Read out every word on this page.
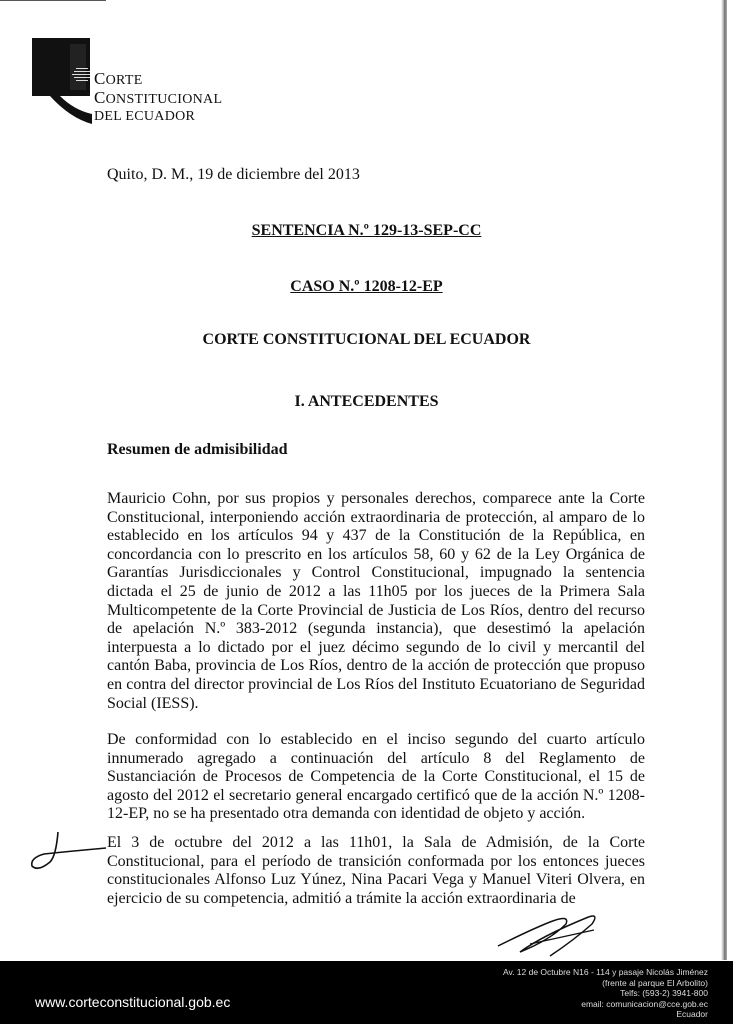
CORTE
CONSTITUCIONAL
DEL ECUADOR
Quito, D. M., 19 de diciembre del 2013
SENTENCIA N.º 129-13-SEP-CC
CASO N.º 1208-12-EP
CORTE CONSTITUCIONAL DEL ECUADOR
I. ANTECEDENTES
Resumen de admisibilidad

Mauricio Cohn, por sus propios y personales derechos, comparece ante la Corte Constitucional, interponiendo acción extraordinaria de protección, al amparo de lo establecido en los artículos 94 y 437 de la Constitución de la República, en concordancia con lo prescrito en los artículos 58, 60 y 62 de la Ley Orgánica de Garantías Jurisdiccionales y Control Constitucional, impugnado la sentencia dictada el 25 de junio de 2012 a las 11h05 por los jueces de la Primera Sala Multicompetente de la Corte Provincial de Justicia de Los Ríos, dentro del recurso de apelación N.º 383-2012 (segunda instancia), que desestimó la apelación interpuesta a lo dictado por el juez décimo segundo de lo civil y mercantil del cantón Baba, provincia de Los Ríos, dentro de la acción de protección que propuso en contra del director provincial de Los Ríos del Instituto Ecuatoriano de Seguridad Social (IESS).

De conformidad con lo establecido en el inciso segundo del cuarto artículo innumerado agregado a continuación del artículo 8 del Reglamento de Sustanciación de Procesos de Competencia de la Corte Constitucional, el 15 de agosto del 2012 el secretario general encargado certificó que de la acción N.º 1208-12-EP, no se ha presentado otra demanda con identidad de objeto y acción.

El 3 de octubre del 2012 a las 11h01, la Sala de Admisión, de la Corte Constitucional, para el período de transición conformada por los entonces jueces constitucionales Alfonso Luz Yúnez, Nina Pacari Vega y Manuel Viteri Olvera, en ejercicio de su competencia, admitió a trámite la acción extraordinaria de

www.corteconstitucional.gob.ec
Av. 12 de Octubre N16 - 114 y pasaje Nicolás Jiménez
(frente al parque El Arbolito)
Telfs: (593-2) 3941-800
email: comunicacion@cce.gob.ec
Ecuador
